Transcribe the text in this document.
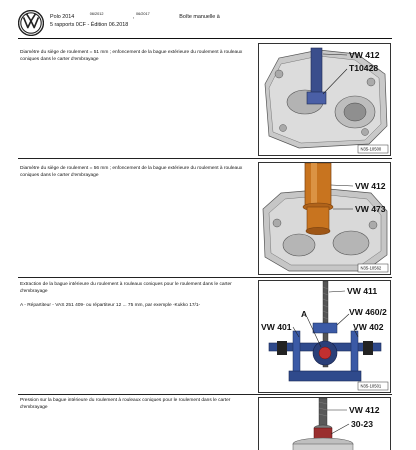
Polo 2014	$^{06/2012}$	, $^{06/2017}$	Boîte manuelle à
5 rapports 0CF - Édition 06.2018
Diamètre du siège de roulement = 51 mm ; enfoncement de la bague extérieure du roulement à rouleaux coniques dans le carter d'embrayage	VW 412
T10428
N35-10500
Diamètre du siège de roulement = 56 mm ; enfoncement de la bague extérieure du roulement à rouleaux coniques dans le carter d'embrayage
VW 412
VW 473
N35-10562
Extraction de la bague intérieure du roulement à rouleaux coniques pour le roulement dans le carter d'embrayage
A - Répartiteur - VAS 251 409- ou répartiteur 12 ... 75 mm, par exemple -Kukko 17/1-
VW 411
A	VW 460/2
VW 401	VW 402
N35-10501
Pression sur la bague intérieure du roulement à rouleaux coniques pour le roulement dans le carter d'embrayage	VW 412
30-23
